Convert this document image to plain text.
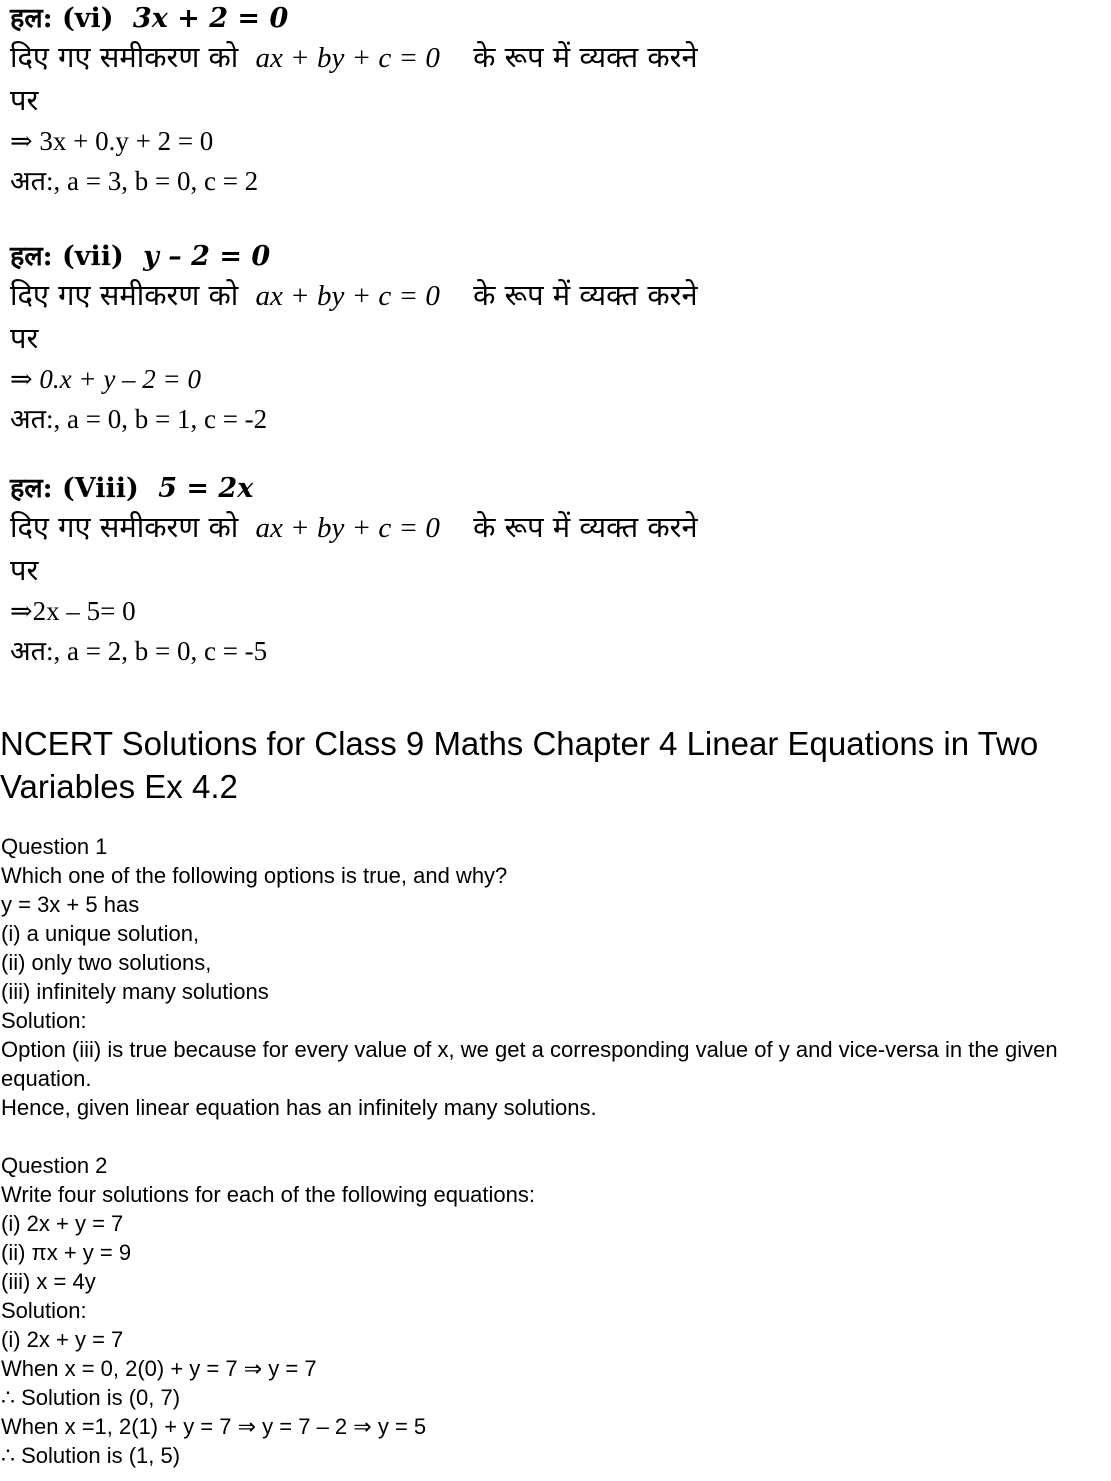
हल: (vi) 3x + 2 = 0
दिए गए समीकरण को ax + by + c = 0 के रूप में व्यक्त करने
पर
⇒ 3x + 0.y + 2 = 0
अत:, a = 3, b = 0, c = 2
हल: (vii) y – 2 = 0
दिए गए समीकरण को ax + by + c = 0 के रूप में व्यक्त करने
पर
⇒ 0.x + y – 2 = 0
अत:, a = 0, b = 1, c = -2
हल: (Viii) 5 = 2x
दिए गए समीकरण को ax + by + c = 0 के रूप में व्यक्त करने
पर
⇒2x – 5= 0
अत:, a = 2, b = 0, c = -5
NCERT Solutions for Class 9 Maths Chapter 4 Linear Equations in Two Variables Ex 4.2
Question 1
Which one of the following options is true, and why?
y = 3x + 5 has
(i) a unique solution,
(ii) only two solutions,
(iii) infinitely many solutions
Solution:
Option (iii) is true because for every value of x, we get a corresponding value of y and vice-versa in the given equation.
Hence, given linear equation has an infinitely many solutions.
Question 2
Write four solutions for each of the following equations:
(i) 2x + y = 7
(ii) πx + y = 9
(iii) x = 4y
Solution:
(i) 2x + y = 7
When x = 0, 2(0) + y = 7 ⇒ y = 7
∴ Solution is (0, 7)
When x =1, 2(1) + y = 7 ⇒ y = 7 – 2 ⇒ y = 5
∴ Solution is (1, 5)
